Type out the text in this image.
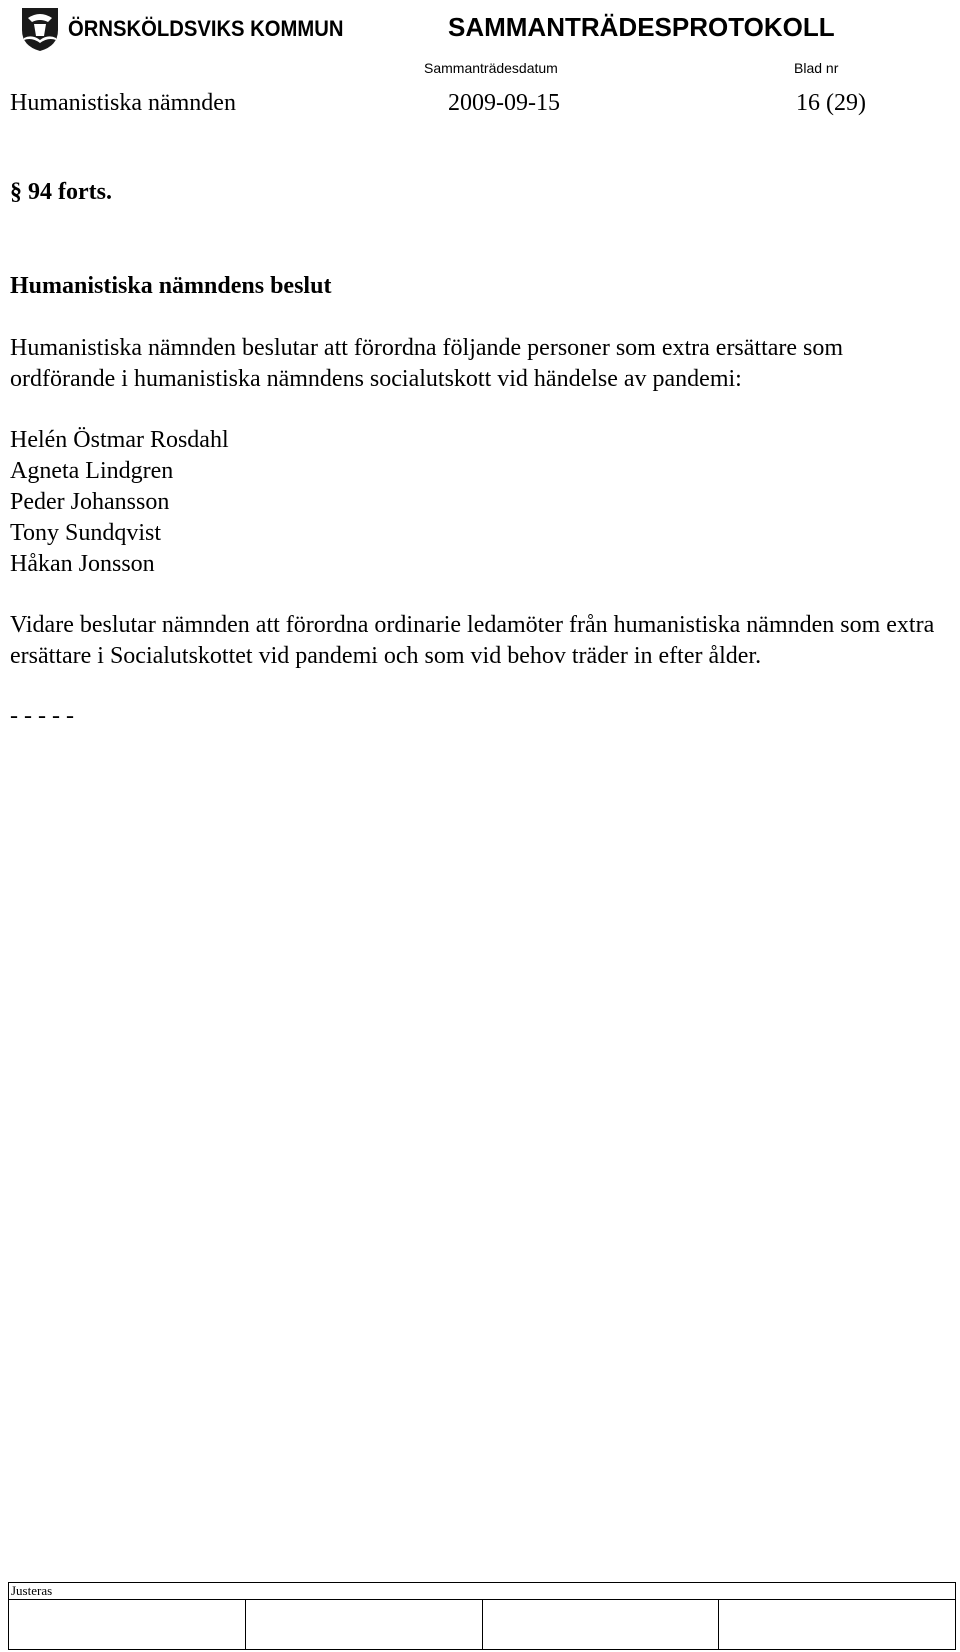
ÖRNSKÖLDSVIKS KOMMUN	SAMMANTRÄDESPROTOKOLL
Sammanträdesdatum	Blad nr
Humanistiska nämnden	2009-09-15	16 (29)
§ 94 forts.
Humanistiska nämndens beslut
Humanistiska nämnden beslutar att förordna följande personer som extra ersättare som ordförande i humanistiska nämndens socialutskott vid händelse av pandemi:
Helén Östmar Rosdahl
Agneta Lindgren
Peder Johansson
Tony Sundqvist
Håkan Jonsson
Vidare beslutar nämnden att förordna ordinarie ledamöter från humanistiska nämnden som extra ersättare i Socialutskottet vid pandemi och som vid behov träder in efter ålder.
- - - - -
Justeras
